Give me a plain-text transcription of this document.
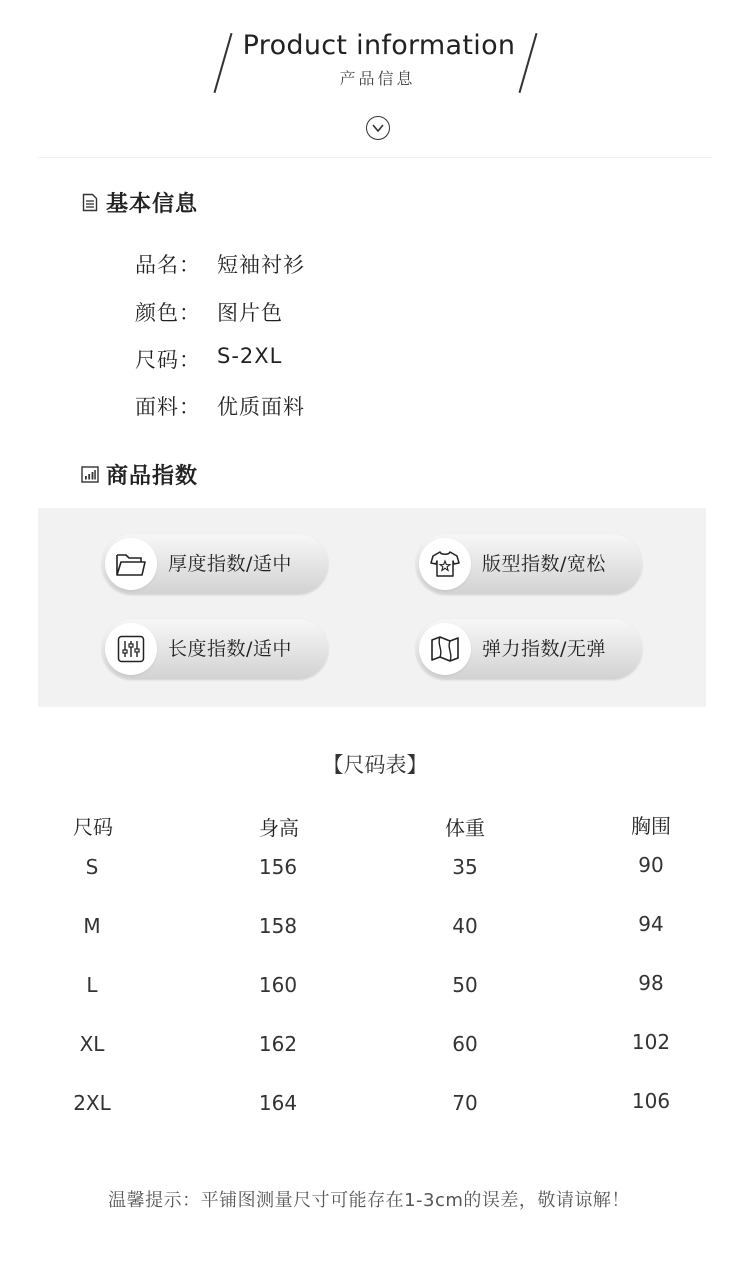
Product information
产品信息
基本信息
品名： 短袖衬衫
颜色： 图片色
尺码： S-2XL
面料： 优质面料
商品指数
厚度指数/适中	版型指数/宽松
长度指数/适中	弹力指数/无弹
【尺码表】
尺码	身高	体重	胸围
S	156	35	90
M	158	40	94
L	160	50	98
XL	162	60	102
2XL	164	70	106
温馨提示：平铺图测量尺寸可能存在1-3cm的误差，敬请谅解！
